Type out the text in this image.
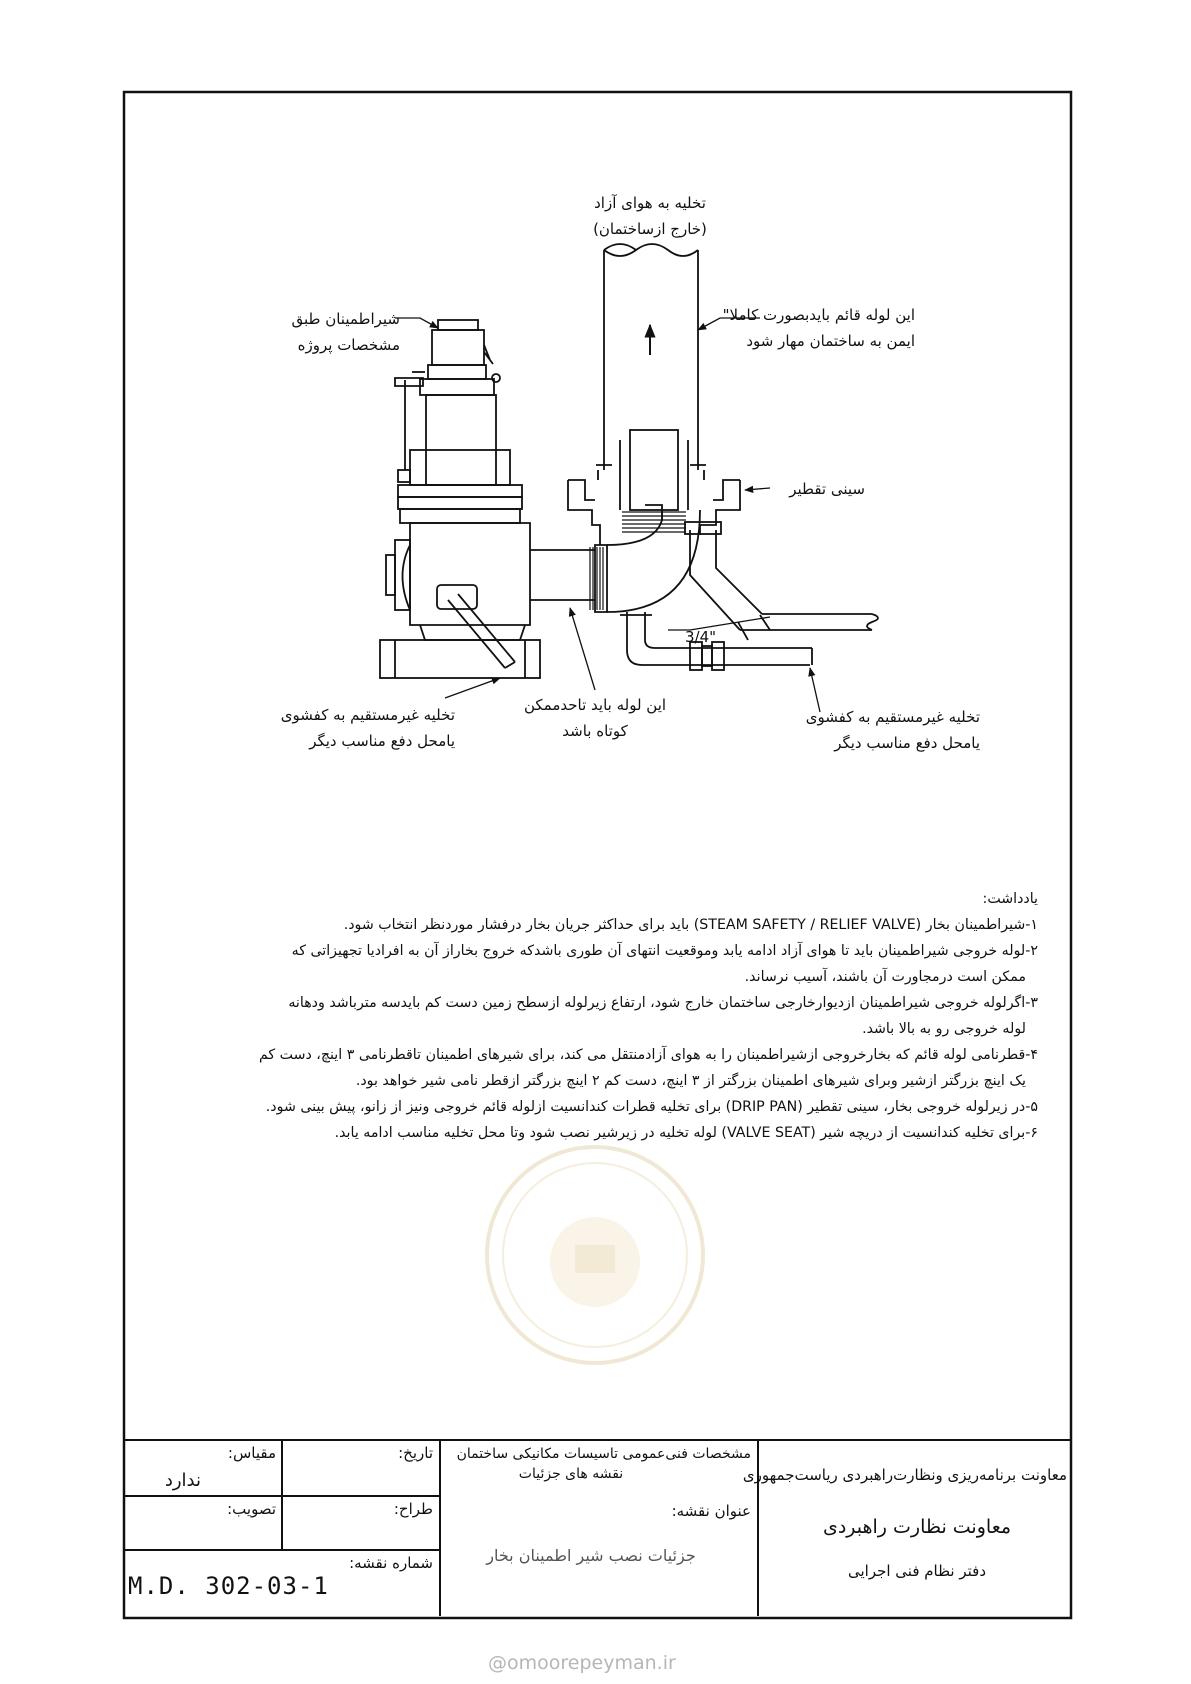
تخلیه به هوای آزاد
(خارج ازساختمان)
شیراطمینان طبق
مشخصات پروژه
این لوله قائم بایدبصورت کاملا"
ایمن به ساختمان مهار شود
سینی تقطیر
3/4"
تخلیه غیرمستقیم به کفشوی
یامحل دفع مناسب دیگر
این لوله باید تاحدممکن
کوتاه باشد
تخلیه غیرمستقیم به کفشوی
یامحل دفع مناسب دیگر
یادداشت:
۱-شیراطمینان بخار (STEAM SAFETY / RELIEF VALVE) باید برای حداکثر جریان بخار درفشار موردنظر انتخاب شود.
۲-لوله خروجی شیراطمینان باید تا هوای آزاد ادامه یابد وموقعیت انتهای آن طوری باشدکه خروج بخاراز آن به افرادیا تجهیزاتی که
ممکن است درمجاورت آن باشند، آسیب نرساند.
۳-اگرلوله خروجی شیراطمینان ازدیوارخارجی ساختمان خارج شود، ارتفاع زیرلوله ازسطح زمین دست کم بایدسه مترباشد ودهانه
لوله خروجی رو به بالا باشد.
۴-قطرنامی لوله قائم که بخارخروجی ازشیراطمینان را به هوای آزادمنتقل می کند، برای شیرهای اطمینان تاقطرنامی ۳ اینچ، دست کم
یک اینچ بزرگتر ازشیر وبرای شیرهای اطمینان بزرگتر از ۳ اینچ، دست کم ۲ اینچ بزرگتر ازقطر نامی شیر خواهد بود.
۵-در زیرلوله خروجی بخار، سینی تقطیر (DRIP PAN) برای تخلیه قطرات کندانسیت ازلوله قائم خروجی ونیز از زانو، پیش بینی شود.
۶-برای تخلیه کندانسیت از دریچه شیر (VALVE SEAT) لوله تخلیه در زیرشیر نصب شود وتا محل تخلیه مناسب ادامه یابد.
معاونت برنامه‌ریزی ونظارت‌راهبردی ریاست‌جمهوری
معاونت نظارت راهبردی
دفتر نظام فنی اجرایی
مشخصات فنی‌عمومی تاسیسات مکانیکی ساختمان
نقشه های جزئیات
عنوان نقشه:
جزئیات نصب شیر اطمینان بخار
تاریخ:
طراح:
شماره نقشه:
M.D. 302-03-1
مقیاس:
ندارد
تصویب:
@omoorepeyman.ir
